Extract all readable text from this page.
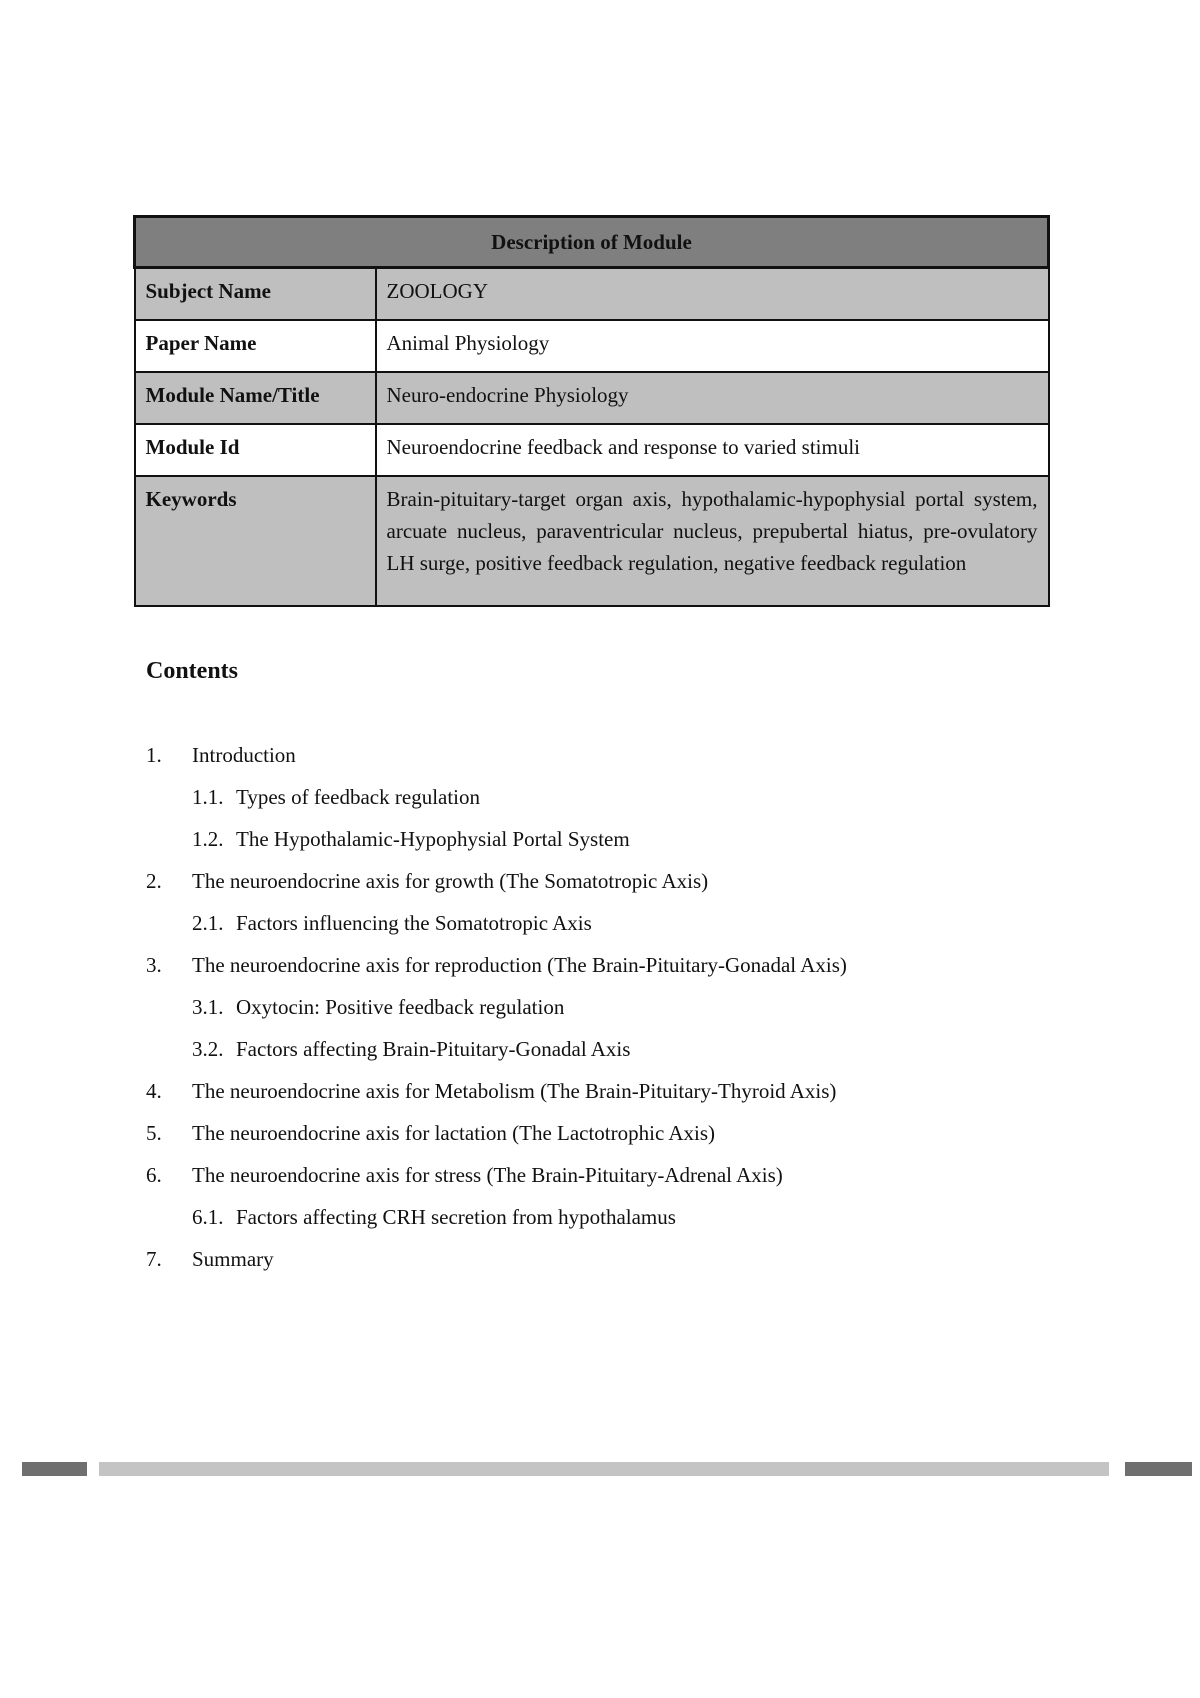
Description of Module	
Subject Name	ZOOLOGY
Paper Name	Animal Physiology
Module Name/Title	Neuro-endocrine Physiology
Module Id	Neuroendocrine feedback and response to varied stimuli
Keywords	Brain-pituitary-target organ axis, hypothalamic-hypophysial portal system, arcuate nucleus, paraventricular nucleus, prepubertal hiatus, pre-ovulatory LH surge, positive feedback regulation, negative feedback regulation
Contents
1. Introduction
1.1. Types of feedback regulation
1.2. The Hypothalamic-Hypophysial Portal System
2. The neuroendocrine axis for growth (The Somatotropic Axis)
2.1. Factors influencing the Somatotropic Axis
3. The neuroendocrine axis for reproduction (The Brain-Pituitary-Gonadal Axis)
3.1. Oxytocin: Positive feedback regulation
3.2. Factors affecting Brain-Pituitary-Gonadal Axis
4. The neuroendocrine axis for Metabolism (The Brain-Pituitary-Thyroid Axis)
5. The neuroendocrine axis for lactation (The Lactotrophic Axis)
6. The neuroendocrine axis for stress (The Brain-Pituitary-Adrenal Axis)
6.1. Factors affecting CRH secretion from hypothalamus
7. Summary
